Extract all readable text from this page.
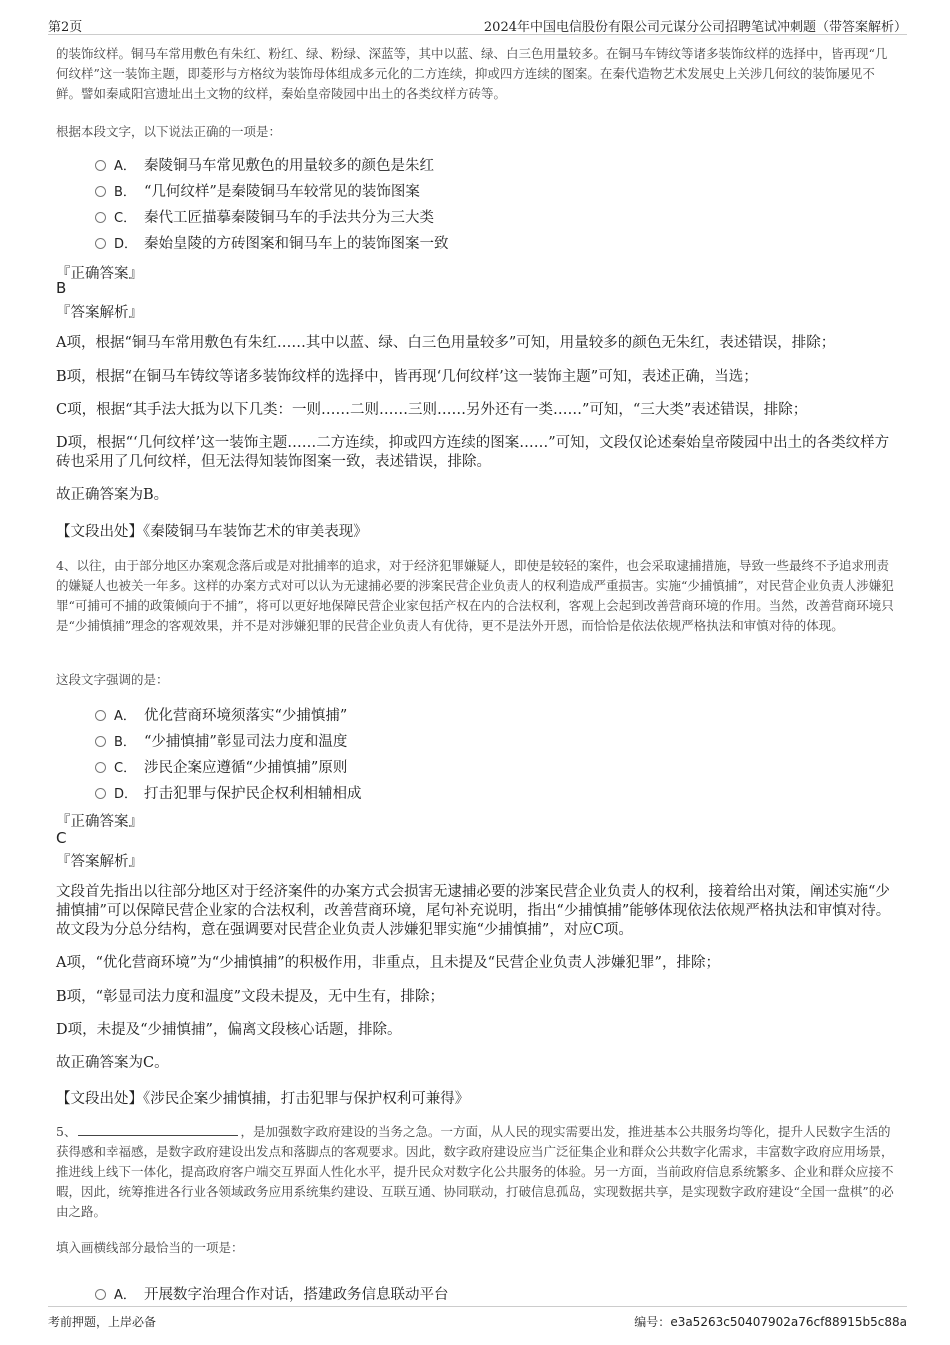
第2页	2024年中国电信股份有限公司元谋分公司招聘笔试冲刺题（带答案解析）
的装饰纹样。铜马车常用敷色有朱红、粉红、绿、粉绿、深蓝等，其中以蓝、绿、白三色用量较多。在铜马车铸纹等诸多装饰纹样的选择中，皆再现“几何纹样”这一装饰主题，即菱形与方格纹为装饰母体组成多元化的二方连续，抑或四方连续的图案。在秦代造物艺术发展史上关涉几何纹的装饰屡见不鲜。譬如秦咸阳宫遗址出土文物的纹样，秦始皇帝陵园中出土的各类纹样方砖等。
根据本段文字，以下说法正确的一项是：
A． 秦陵铜马车常见敷色的用量较多的颜色是朱红
B． “几何纹样”是秦陵铜马车较常见的装饰图案
C． 秦代工匠描摹秦陵铜马车的手法共分为三大类
D． 秦始皇陵的方砖图案和铜马车上的装饰图案一致
『正确答案』
B
『答案解析』
A项，根据“铜马车常用敷色有朱红……其中以蓝、绿、白三色用量较多”可知，用量较多的颜色无朱红，表述错误，排除；
B项，根据“在铜马车铸纹等诸多装饰纹样的选择中，皆再现‘几何纹样’这一装饰主题”可知，表述正确，当选；
C项，根据“其手法大抵为以下几类：一则……二则……三则……另外还有一类……”可知，“三大类”表述错误，排除；
D项，根据“‘几何纹样’这一装饰主题……二方连续，抑或四方连续的图案……”可知，文段仅论述秦始皇帝陵园中出土的各类纹样方砖也采用了几何纹样，但无法得知装饰图案一致，表述错误，排除。
故正确答案为B。
【文段出处】《秦陵铜马车装饰艺术的审美表现》
4、以往，由于部分地区办案观念落后或是对批捕率的追求，对于经济犯罪嫌疑人，即使是较轻的案件，也会采取逮捕措施，导致一些最终不予追求刑责的嫌疑人也被关一年多。这样的办案方式对可以认为无逮捕必要的涉案民营企业负责人的权利造成严重损害。实施“少捕慎捕”，对民营企业负责人涉嫌犯罪“可捕可不捕的政策倾向于不捕”，将可以更好地保障民营企业家包括产权在内的合法权利，客观上会起到改善营商环境的作用。当然，改善营商环境只是“少捕慎捕”理念的客观效果，并不是对涉嫌犯罪的民营企业负责人有优待，更不是法外开恩，而恰恰是依法依规严格执法和审慎对待的体现。
这段文字强调的是：
A． 优化营商环境须落实“少捕慎捕”
B． “少捕慎捕”彰显司法力度和温度
C． 涉民企案应遵循“少捕慎捕”原则
D． 打击犯罪与保护民企权利相辅相成
『正确答案』
C
『答案解析』
文段首先指出以往部分地区对于经济案件的办案方式会损害无逮捕必要的涉案民营企业负责人的权利，接着给出对策，阐述实施“少捕慎捕”可以保障民营企业家的合法权利，改善营商环境，尾句补充说明，指出“少捕慎捕”能够体现依法依规严格执法和审慎对待。故文段为分总分结构，意在强调要对民营企业负责人涉嫌犯罪实施“少捕慎捕”，对应C项。
A项，“优化营商环境”为“少捕慎捕”的积极作用，非重点，且未提及“民营企业负责人涉嫌犯罪”，排除；
B项，“彰显司法力度和温度”文段未提及，无中生有，排除；
D项，未提及“少捕慎捕”，偏离文段核心话题，排除。
故正确答案为C。
【文段出处】《涉民企案少捕慎捕，打击犯罪与保护权利可兼得》
5、	，是加强数字政府建设的当务之急。一方面，从人民的现实需要出发，推进基本公共服务均等化，提升人民数字生活的获得感和幸福感，是数字政府建设出发点和落脚点的客观要求。因此，数字政府建设应当广泛征集企业和群众公共数字化需求，丰富数字政府应用场景，推进线上线下一体化，提高政府客户端交互界面人性化水平，提升民众对数字化公共服务的体验。另一方面，当前政府信息系统繁多、企业和群众应接不暇，因此，统筹推进各行业各领域政务应用系统集约建设、互联互通、协同联动，打破信息孤岛，实现数据共享，是实现数字政府建设“全国一盘棋”的必由之路。
填入画横线部分最恰当的一项是：
A． 开展数字治理合作对话，搭建政务信息联动平台
考前押题，上岸必备	编号：e3a5263c50407902a76cf88915b5c88a
